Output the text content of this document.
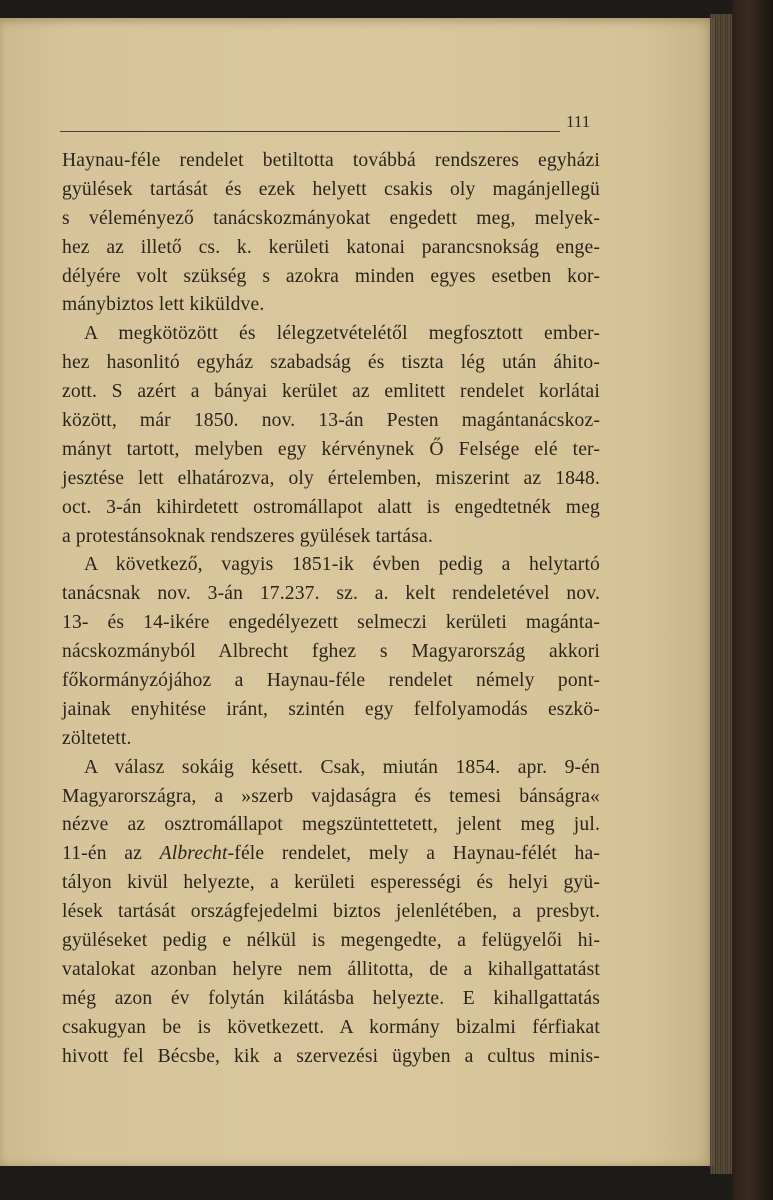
111
Haynau-féle rendelet betiltotta továbbá rendszeres egyházi
gyülések tartását és ezek helyett csakis oly magánjellegü
s véleményező tanácskozmányokat engedett meg, melyek-
hez az illető cs. k. kerületi katonai parancsnokság enge-
délyére volt szükség s azokra minden egyes esetben kor-
mánybiztos lett kiküldve.
A megkötözött és lélegzetvételétől megfosztott ember-
hez hasonlitó egyház szabadság és tiszta lég után áhito-
zott. S azért a bányai kerület az emlitett rendelet korlátai
között, már 1850. nov. 13-án Pesten magántanácskoz-
mányt tartott, melyben egy kérvénynek Ő Felsége elé ter-
jesztése lett elhatározva, oly értelemben, miszerint az 1848.
oct. 3-án kihirdetett ostromállapot alatt is engedtetnék meg
a protestánsoknak rendszeres gyülések tartása.
A következő, vagyis 1851-ik évben pedig a helytartó
tanácsnak nov. 3-án 17.237. sz. a. kelt rendeletével nov.
13- és 14-ikére engedélyezett selmeczi kerületi magánta-
nácskozmányból Albrecht fghez s Magyarország akkori
főkormányzójához a Haynau-féle rendelet némely pont-
jainak enyhitése iránt, szintén egy felfolyamodás eszkö-
zöltetett.
A válasz sokáig késett. Csak, miután 1854. apr. 9-én
Magyarországra, a »szerb vajdaságra és temesi bánságra«
nézve az osztromállapot megszüntettetett, jelent meg jul.
11-én az Albrecht-féle rendelet, mely a Haynau-félét ha-
tályon kivül helyezte, a kerületi esperességi és helyi gyü-
lések tartását országfejedelmi biztos jelenlétében, a presbyt.
gyüléseket pedig e nélkül is megengedte, a felügyelői hi-
vatalokat azonban helyre nem állitotta, de a kihallgattatást
még azon év folytán kilátásba helyezte. E kihallgattatás
csakugyan be is következett. A kormány bizalmi férfiakat
hivott fel Bécsbe, kik a szervezési ügyben a cultus minis-
